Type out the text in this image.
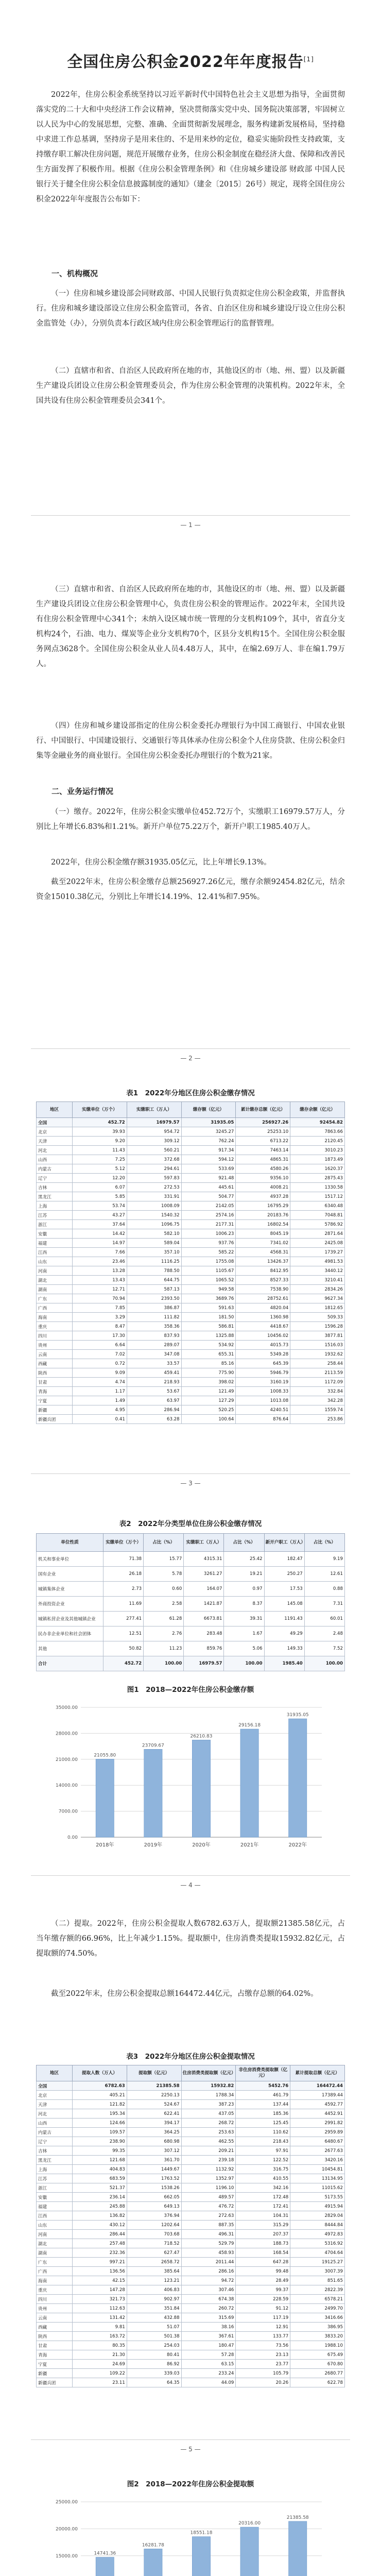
全国住房公积金2022年年度报告[1]

2022年，住房公积金系统坚持以习近平新时代中国特色社会主义思想为指导，全面贯彻落实党的二十大和中央经济工作会议精神，坚决贯彻落实党中央、国务院决策部署，牢固树立以人民为中心的发展思想，完整、准确、全面贯彻新发展理念，服务构建新发展格局，坚持稳中求进工作总基调，坚持房子是用来住的、不是用来炒的定位，稳妥实施阶段性支持政策，支持缴存职工解决住房问题，规范开展缴存业务，住房公积金制度在稳经济大盘、保障和改善民生方面发挥了积极作用。根据《住房公积金管理条例》和《住房城乡建设部 财政部 中国人民银行关于健全住房公积金信息披露制度的通知》（建金〔2015〕26号）规定，现将全国住房公积金2022年年度报告公布如下：

一、机构概况

（一）住房和城乡建设部会同财政部、中国人民银行负责拟定住房公积金政策，并监督执行。住房和城乡建设部设立住房公积金监管司，各省、自治区住房和城乡建设厅设立住房公积金监管处（办），分别负责本行政区域内住房公积金管理运行的监督管理。

（二）直辖市和省、自治区人民政府所在地的市，其他设区的市（地、州、盟）以及新疆生产建设兵团设立住房公积金管理委员会，作为住房公积金管理的决策机构。2022年末，全国共设有住房公积金管理委员会341个。

— 1 —

（三）直辖市和省、自治区人民政府所在地的市，其他设区的市（地、州、盟）以及新疆生产建设兵团设立住房公积金管理中心，负责住房公积金的管理运作。2022年末，全国共设有住房公积金管理中心341个；未纳入设区城市统一管理的分支机构109个，其中，省直分支机构24个，石油、电力、煤炭等企业分支机构70个，区县分支机构15个。全国住房公积金服务网点3628个。全国住房公积金从业人员4.48万人，其中，在编2.69万人、非在编1.79万人。

（四）住房和城乡建设部指定的住房公积金委托办理银行为中国工商银行、中国农业银行、中国银行、中国建设银行、交通银行等具体承办住房公积金个人住房贷款、住房公积金归集等金融业务的商业银行。全国住房公积金委托办理银行的个数为21家。

二、业务运行情况

（一）缴存。2022年，住房公积金实缴单位452.72万个，实缴职工16979.57万人，分别比上年增长6.83%和1.21%。新开户单位75.22万个，新开户职工1985.40万人。

2022年，住房公积金缴存额31935.05亿元，比上年增长9.13%。

截至2022年末，住房公积金缴存总额256927.26亿元，缴存余额92454.82亿元，结余资金15010.38亿元，分别比上年增长14.19%、12.41%和7.95%。

— 2 —

表1　2022年分地区住房公积金缴存情况

地区	实缴单位（万个）	实缴职工（万人）	缴存额（亿元）	累计缴存总额（亿元）	缴存余额（亿元）
全国	452.72	16979.57	31935.05	256927.26	92454.82
北京	39.93	954.72	3245.27	25253.10	7863.66
天津	9.20	309.12	762.24	6713.22	2120.45
河北	11.43	560.21	917.34	7463.14	3010.23
山西	7.25	372.68	594.12	4865.31	1873.49
内蒙古	5.12	294.61	533.69	4580.26	1620.37
辽宁	12.20	597.83	921.48	9356.10	2875.43
吉林	6.07	272.53	445.61	4008.21	1330.58
黑龙江	5.85	331.91	504.77	4937.28	1517.12
上海	53.74	1008.09	2142.05	16795.29	6340.48
江苏	43.27	1540.32	2574.16	20183.76	7048.81
浙江	37.64	1096.75	2177.31	16802.54	5786.92
安徽	14.42	582.10	1006.23	8045.19	2871.64
福建	14.97	589.04	937.76	7341.02	2425.08
江西	7.66	357.10	585.22	4568.31	1739.27
山东	23.46	1116.25	1755.08	13426.37	4981.53
河南	13.28	788.50	1105.67	8412.95	3440.12
湖北	13.43	644.75	1065.52	8527.33	3210.41
湖南	12.71	587.13	949.58	7538.90	2834.26
广东	70.94	2393.50	3689.76	28752.61	9627.34
广西	7.85	386.87	591.63	4820.04	1812.65
海南	3.29	111.82	181.50	1360.98	509.33
重庆	8.47	358.36	586.81	4418.67	1596.28
四川	17.30	837.93	1325.88	10456.02	3877.81
贵州	6.64	289.07	534.92	4015.73	1516.03
云南	7.02	347.08	655.31	5349.28	1932.62
西藏	0.72	33.57	85.16	645.39	258.44
陕西	9.09	459.41	775.90	5946.79	2113.59
甘肃	4.74	218.93	398.02	3160.19	1172.09
青海	1.17	53.67	121.49	1008.33	332.84
宁夏	1.49	63.97	127.29	1013.08	342.28
新疆	4.95	286.94	520.25	4240.51	1559.74
新疆兵团	0.41	63.28	100.64	876.64	253.86
— 3 —

表2　2022年分类型单位住房公积金缴存情况

单位性质	实缴单位（万个）	占比（%）	实缴职工（万人）	占比（%）	新开户职工（万人）	占比（%）
机关和事业单位	71.38	15.77	4315.31	25.42	182.47	9.19
国有企业	26.18	5.78	3261.27	19.21	250.27	12.61
城镇集体企业	2.73	0.60	164.07	0.97	17.53	0.88
外商投资企业	11.69	2.58	1421.87	8.37	145.08	7.31
城镇私营企业及其他城镇企业	277.41	61.28	6673.81	39.31	1191.43	60.01
民办非企业单位和社会团体	12.51	2.76	283.48	1.67	49.29	2.48
其他	50.82	11.23	859.76	5.06	149.33	7.52
合计	452.72	100.00	16979.57	100.00	1985.40	100.00

图1　2018—2022年住房公积金缴存额

0.00
7000.00
14000.00
21000.00
28000.00
35000.00
21055.80
2018年
23709.67
2019年
26210.83
2020年
29156.18
2021年
31935.05
2022年
— 4 —

（二）提取。2022年，住房公积金提取人数6782.63万人，提取额21385.58亿元，占当年缴存额的66.96%，比上年减少1.15%。提取额中，住房消费类提取15932.82亿元，占提取额的74.50%。

截至2022年末，住房公积金提取总额164472.44亿元，占缴存总额的64.02%。

表3　2022年分地区住房公积金提取情况

地区	提取人数（万人）	提取额（亿元）	住房消费类提取额（亿元）	非住房消费类提取额（亿元）	累计提取总额（亿元）
全国	6782.63	21385.58	15932.82	5452.76	164472.44
北京	405.21	2250.13	1788.34	461.79	17389.44
天津	121.82	524.67	387.23	137.44	4592.77
河北	195.34	622.41	437.05	185.36	4452.91
山西	124.66	394.17	268.72	125.45	2991.82
内蒙古	109.57	364.25	253.63	110.62	2959.89
辽宁	238.90	680.98	462.55	218.43	6480.67
吉林	99.35	307.12	209.21	97.91	2677.63
黑龙江	121.68	361.70	239.18	122.52	3420.16
上海	404.83	1449.67	1132.92	316.75	10454.81
江苏	683.59	1763.52	1352.97	410.55	13134.95
浙江	521.37	1538.26	1196.10	342.16	11015.62
安徽	236.14	662.05	489.57	172.48	5173.55
福建	245.88	649.13	476.72	172.41	4915.94
江西	136.82	376.94	272.63	104.31	2829.04
山东	430.12	1202.64	887.35	315.29	8444.84
河南	286.44	703.68	496.31	207.37	4972.83
湖北	257.48	718.52	529.79	188.73	5316.92
湖南	232.36	627.47	458.93	168.54	4704.64
广东	997.21	2658.72	2011.44	647.28	19125.27
广西	136.56	385.64	286.16	99.48	3007.39
海南	42.15	123.21	94.72	28.49	851.65
重庆	147.28	406.83	307.46	99.37	2822.39
四川	321.73	902.97	674.38	228.59	6578.21
贵州	112.63	351.84	260.72	91.12	2499.70
云南	131.42	432.88	315.69	117.19	3416.66
西藏	9.81	51.07	38.16	12.91	386.95
陕西	163.72	501.38	367.61	133.77	3833.20
甘肃	80.35	254.03	180.47	73.56	1988.10
青海	21.30	80.41	57.28	23.13	675.49
宁夏	24.69	86.92	63.15	23.77	670.80
新疆	109.22	339.03	233.24	105.79	2680.77
新疆兵团	23.11	64.35	44.09	20.26	622.78
— 5 —

图2　2018—2022年住房公积金提取额

15000.00
20000.00
25000.00
14741.36
16281.78
18551.18
20316.00
21385.58
